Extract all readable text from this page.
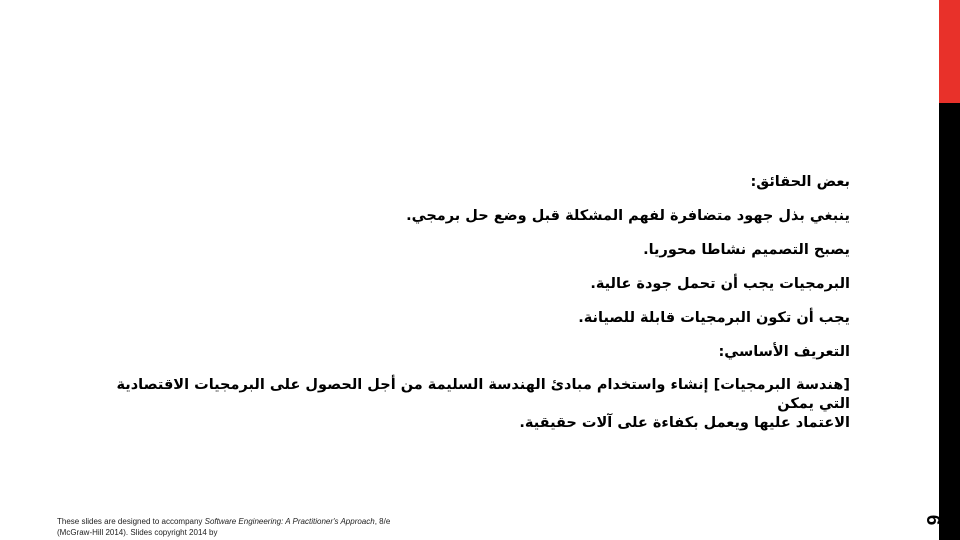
6

بعض الحقائق:

ينبغي بذل جهود متضافرة لفهم المشكلة قبل وضع حل برمجي.

يصبح التصميم نشاطا محوريا.

البرمجيات يجب أن تحمل جودة عالية.

يجب أن تكون البرمجيات قابلة للصيانة.

التعريف الأساسي:

[هندسة البرمجيات] إنشاء واستخدام مبادئ الهندسة السليمة من أجل الحصول على البرمجيات الاقتصادية التي يمكن

الاعتماد عليها ويعمل بكفاءة على آلات حقيقية.

These slides are designed to accompany Software Engineering: A Practitioner's Approach, 8/e (McGraw-Hill 2014). Slides copyright 2014 by
